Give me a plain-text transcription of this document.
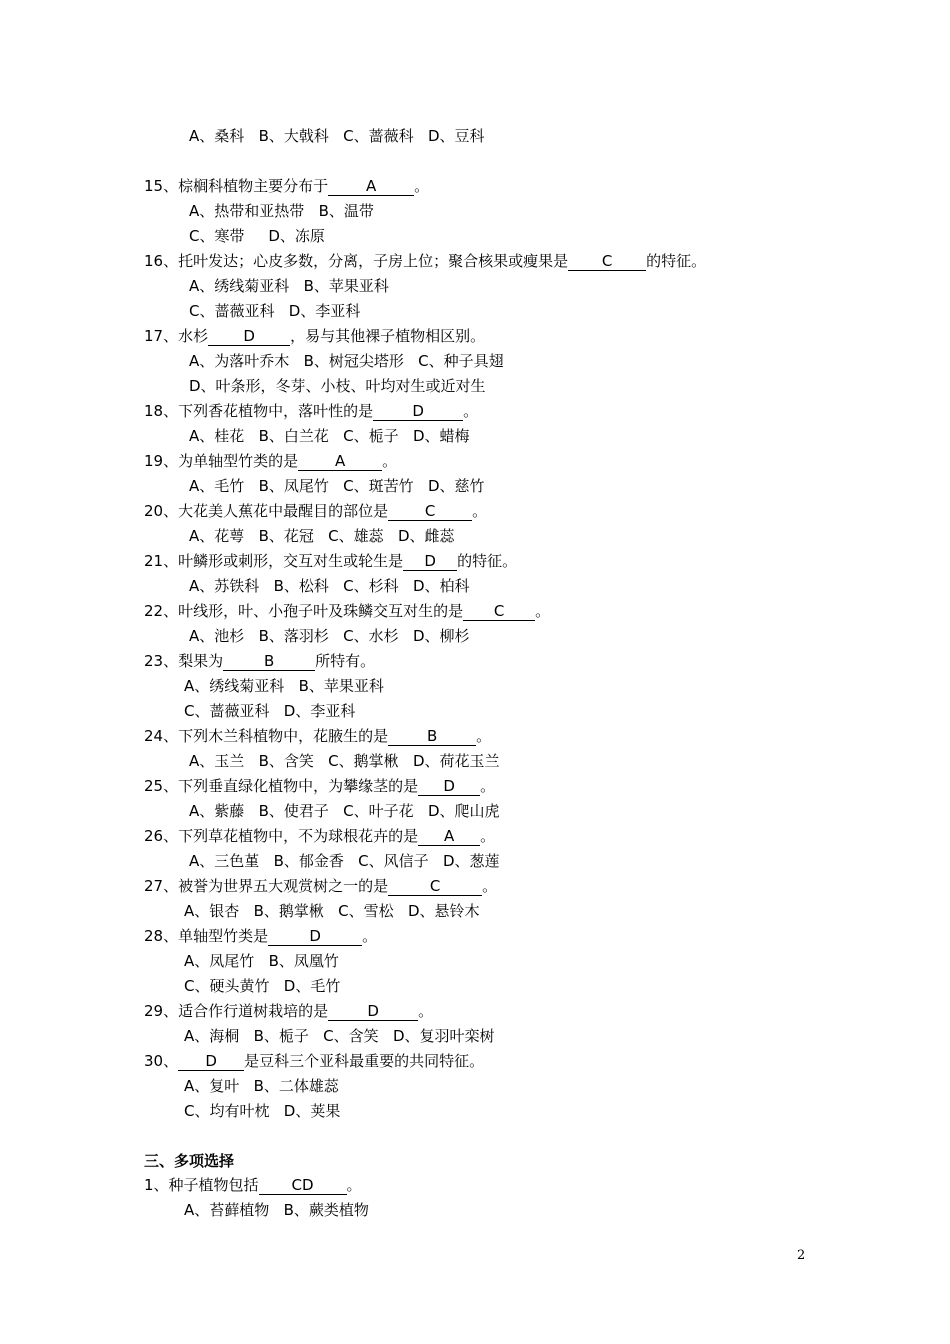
A、桑科   B、大戟科   C、蔷薇科   D、豆科
15、棕榈科植物主要分布于	A	。
A、热带和亚热带   B、温带
C、寒带     D、冻原
16、托叶发达；心皮多数，分离，子房上位；聚合核果或瘦果是 C 的特征。
A、绣线菊亚科   B、苹果亚科
C、蔷薇亚科   D、李亚科
17、水杉 D ，易与其他裸子植物相区别。
A、为落叶乔木   B、树冠尖塔形   C、种子具翅
D、叶条形，冬芽、小枝、叶均对生或近对生
18、下列香花植物中，落叶性的是	D	。
A、桂花   B、白兰花   C、栀子   D、蜡梅
19、为单轴型竹类的是 A 。
A、毛竹   B、凤尾竹   C、斑苦竹   D、慈竹
20、大花美人蕉花中最醒目的部位是 C 。
A、花萼   B、花冠   C、雄蕊   D、雌蕊
21、叶鳞形或刺形，交互对生或轮生是 D 的特征。
A、苏铁科   B、松科   C、杉科   D、柏科
22、叶线形，叶、小孢子叶及珠鳞交互对生的是 C 。
A、池杉   B、落羽杉   C、水杉   D、柳杉
23、梨果为	B	所特有。
A、绣线菊亚科   B、苹果亚科
C、蔷薇亚科   D、李亚科
24、下列木兰科植物中，花腋生的是	B	。
A、玉兰   B、含笑   C、鹅掌楸   D、荷花玉兰
25、下列垂直绿化植物中，为攀缘茎的是 D 。
A、紫藤   B、使君子   C、叶子花   D、爬山虎
26、下列草花植物中，不为球根花卉的是 A 。
A、三色堇   B、郁金香   C、风信子   D、葱莲
27、被誉为世界五大观赏树之一的是	C	。
A、银杏   B、鹅掌楸   C、雪松   D、悬铃木
28、单轴型竹类是	D	。
A、凤尾竹   B、凤凰竹
C、硬头黄竹   D、毛竹
29、适合作行道树栽培的是	D	。
A、海桐   B、栀子   C、含笑   D、复羽叶栾树
30、 D 是豆科三个亚科最重要的共同特征。
A、复叶   B、二体雄蕊
C、均有叶枕   D、荚果
三、多项选择
1、种子植物包括 CD 。
A、苔藓植物   B、蕨类植物
2
